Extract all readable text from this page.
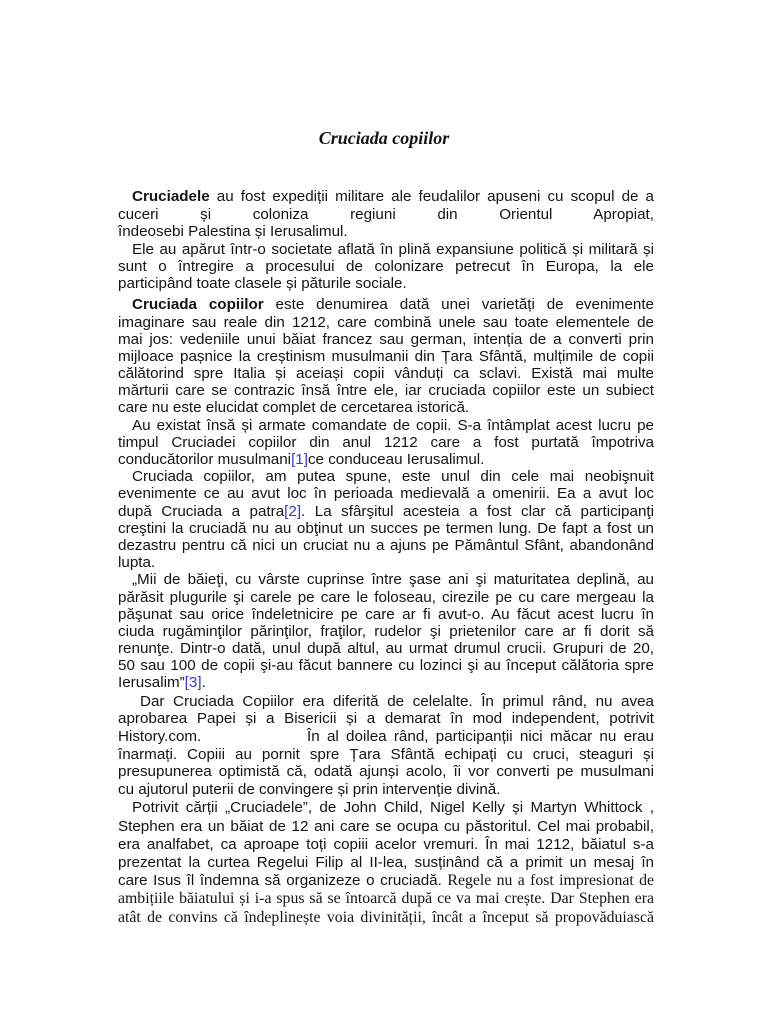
Cruciada copiilor
Cruciadele au fost expediții militare ale feudalilor apuseni cu scopul de a
cuceri și coloniza regiuni din Orientul Apropiat,
îndeosebi Palestina și Ierusalimul.
Ele au apărut într-o societate aflată în plină expansiune politică și militară și
sunt o întregire a procesului de colonizare petrecut în Europa, la ele
participând toate clasele și păturile sociale.
Cruciada copiilor este denumirea dată unei varietăți de evenimente
imaginare sau reale din 1212, care combină unele sau toate elementele de
mai jos: vedeniile unui băiat francez sau german, intenția de a converti prin
mijloace pașnice la creștinism musulmanii din Țara Sfântă, mulțimile de copii
călătorind spre Italia și aceiași copii vânduți ca sclavi. Există mai multe
mărturii care se contrazic însă între ele, iar cruciada copiilor este un subiect
care nu este elucidat complet de cercetarea istorică.
Au existat însă și armate comandate de copii. S-a întâmplat acest lucru pe
timpul Cruciadei copiilor din anul 1212 care a fost purtată împotriva
conducătorilor musulmani[1]ce conduceau Ierusalimul.
Cruciada copiilor, am putea spune, este unul din cele mai neobişnuit
evenimente ce au avut loc în perioada medievală a omenirii. Ea a avut loc
după Cruciada a patra[2]. La sfârşitul acesteia a fost clar că participanţi
creştini la cruciadă nu au obţinut un succes pe termen lung. De fapt a fost un
dezastru pentru că nici un cruciat nu a ajuns pe Pământul Sfânt, abandonând
lupta.
„Mii de băieţi, cu vârste cuprinse între şase ani şi maturitatea deplină, au
părăsit plugurile şi carele pe care le foloseau, cirezile pe cu care mergeau la
păşunat sau orice îndeletnicire pe care ar fi avut-o. Au făcut acest lucru în
ciuda rugăminţilor părinţilor, fraţilor, rudelor şi prietenilor care ar fi dorit să
renunţe. Dintr-o dată, unul după altul, au urmat drumul crucii. Grupuri de 20,
50 sau 100 de copii şi-au făcut bannere cu lozinci şi au început călătoria spre
Ierusalim”[3].
Dar Cruciada Copiilor era diferită de celelalte. În primul rând, nu avea
aprobarea Papei și a Bisericii și a demarat în mod independent, potrivit
History.com.	În al doilea rând, participanții nici măcar nu erau
înarmați. Copiii au pornit spre Țara Sfântă echipați cu cruci, steaguri și
presupunerea optimistă că, odată ajunși acolo, îi vor converti pe musulmani
cu ajutorul puterii de convingere și prin intervenție divină.
Potrivit cărții „Cruciadele”, de John Child, Nigel Kelly și Martyn Whittock ,
Stephen era un băiat de 12 ani care se ocupa cu păstoritul. Cel mai probabil,
era analfabet, ca aproape toți copiii acelor vremuri. În mai 1212, băiatul s-a
prezentat la curtea Regelui Filip al II-lea, susținând că a primit un mesaj în
care Isus îl îndemna să organizeze o cruciadă. Regele nu a fost impresionat de
ambițiile băiatului și i-a spus să se întoarcă după ce va mai crește. Dar Stephen era
atât de convins că îndeplinește voia divinității, încât a început să propovăduiască
